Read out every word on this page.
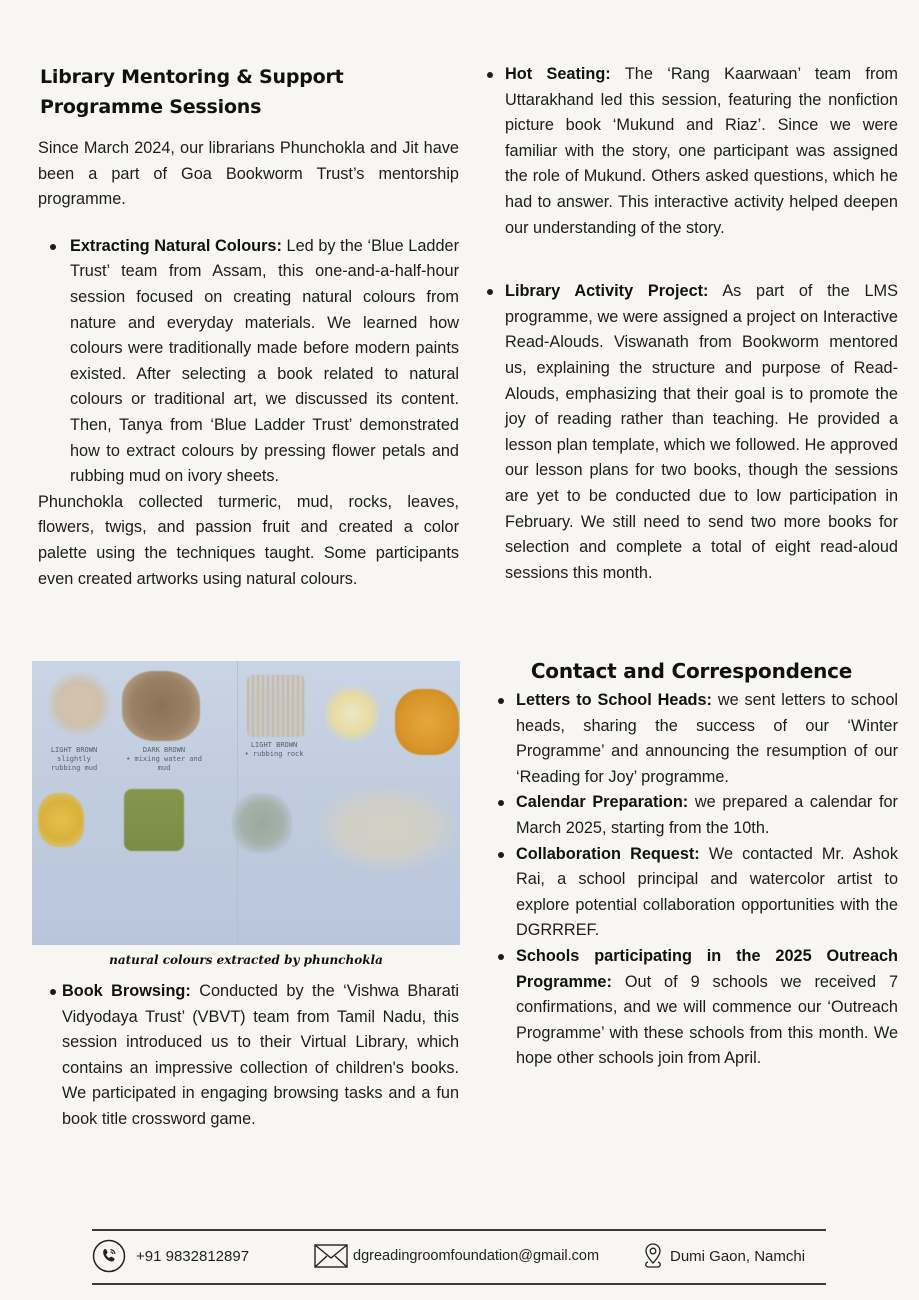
Library Mentoring & Support Programme Sessions

Since March 2024, our librarians Phunchokla and Jit have been a part of Goa Bookworm Trust’s mentorship programme.

Extracting Natural Colours: Led by the ‘Blue Ladder Trust’ team from Assam, this one-and-a-half-hour session focused on creating natural colours from nature and everyday materials. We learned how colours were traditionally made before modern paints existed. After selecting a book related to natural colours or traditional art, we discussed its content. Then, Tanya from ‘Blue Ladder Trust’ demonstrated how to extract colours by pressing flower petals and rubbing mud on ivory sheets.

Phunchokla collected turmeric, mud, rocks, leaves, flowers, twigs, and passion fruit and created a color palette using the techniques taught. Some participants even created artworks using natural colours.

LIGHT BROWN
slightly rubbing mud
DARK BROWN
• mixing water and mud
LIGHT BROWN
• rubbing rock
natural colours extracted by phunchokla
Book Browsing: Conducted by the ‘Vishwa Bharati Vidyodaya Trust’ (VBVT) team from Tamil Nadu, this session introduced us to their Virtual Library, which contains an impressive collection of children's books. We participated in engaging browsing tasks and a fun book title crossword game.
Hot Seating: The ‘Rang Kaarwaan’ team from Uttarakhand led this session, featuring the nonfiction picture book ‘Mukund and Riaz’. Since we were familiar with the story, one participant was assigned the role of Mukund. Others asked questions, which he had to answer. This interactive activity helped deepen our understanding of the story.
Library Activity Project: As part of the LMS programme, we were assigned a project on Interactive Read-Alouds. Viswanath from Bookworm mentored us, explaining the structure and purpose of Read-Alouds, emphasizing that their goal is to promote the joy of reading rather than teaching. He provided a lesson plan template, which we followed. He approved our lesson plans for two books, though the sessions are yet to be conducted due to low participation in February. We still need to send two more books for selection and complete a total of eight read-aloud sessions this month.
Contact and Correspondence
Letters to School Heads: we sent letters to school heads, sharing the success of our ‘Winter Programme’ and announcing the resumption of our ‘Reading for Joy’ programme.
Calendar Preparation: we prepared a calendar for March 2025, starting from the 10th.
Collaboration Request: We contacted Mr. Ashok Rai, a school principal and watercolor artist to explore potential collaboration opportunities with the DGRRREF.
Schools participating in the 2025 Outreach Programme: Out of 9 schools we received 7 confirmations, and we will commence our ‘Outreach Programme’ with these schools from this month. We hope other schools join from April.
+91 9832812897	dgreadingroomfoundation@gmail.com	Dumi Gaon, Namchi
